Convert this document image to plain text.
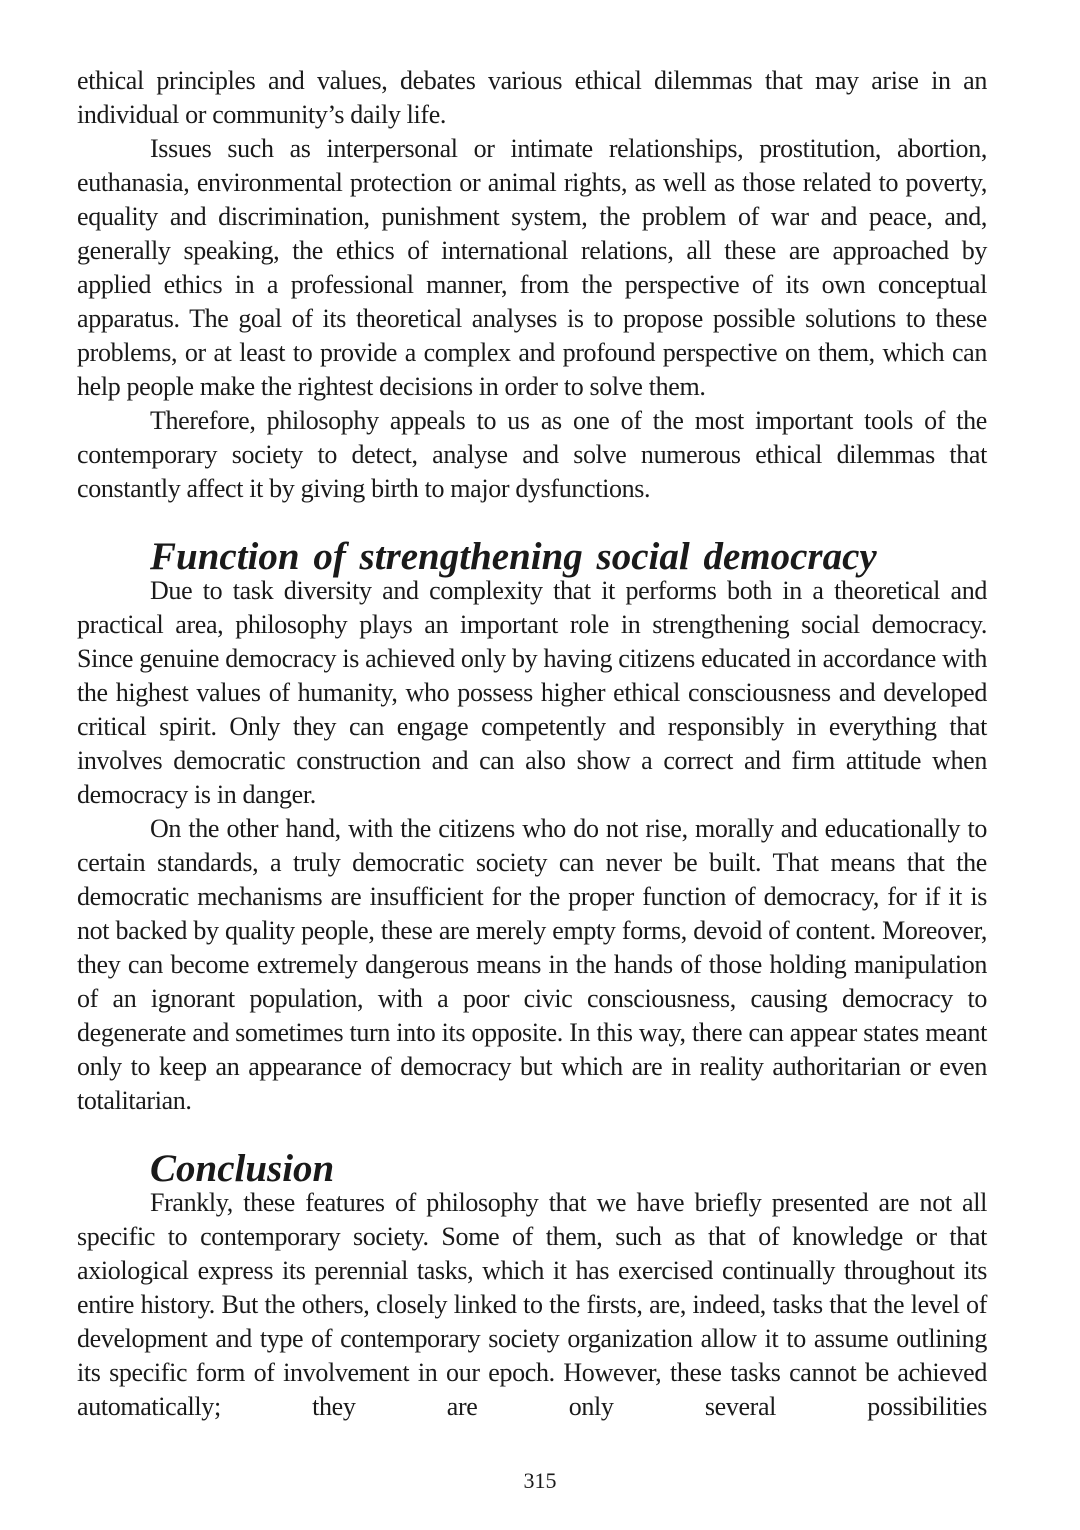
ethical principles and values, debates various ethical dilemmas that may arise in an individual or community’s daily life.

Issues such as interpersonal or intimate relationships, prostitution, abortion, euthanasia, environmental protection or animal rights, as well as those related to poverty, equality and discrimination, punishment system, the problem of war and peace, and, generally speaking, the ethics of international relations, all these are approached by applied ethics in a professional manner, from the perspective of its own conceptual apparatus. The goal of its theoretical analyses is to propose possible solutions to these problems, or at least to provide a complex and profound perspective on them, which can help people make the rightest decisions in order to solve them.

Therefore, philosophy appeals to us as one of the most important tools of the contemporary society to detect, analyse and solve numerous ethical dilemmas that constantly affect it by giving birth to major dysfunctions.

Function of strengthening social democracy

Due to task diversity and complexity that it performs both in a theoretical and practical area, philosophy plays an important role in strengthening social democracy. Since genuine democracy is achieved only by having citizens educated in accordance with the highest values of humanity, who possess higher ethical consciousness and developed critical spirit. Only they can engage competently and responsibly in everything that involves democratic construction and can also show a correct and firm attitude when democracy is in danger.

On the other hand, with the citizens who do not rise, morally and educationally to certain standards, a truly democratic society can never be built. That means that the democratic mechanisms are insufficient for the proper function of democracy, for if it is not backed by quality people, these are merely empty forms, devoid of content. Moreover, they can become extremely dangerous means in the hands of those holding manipulation of an ignorant population, with a poor civic consciousness, causing democracy to degenerate and sometimes turn into its opposite. In this way, there can appear states meant only to keep an appearance of democracy but which are in reality authoritarian or even totalitarian.

Conclusion

Frankly, these features of philosophy that we have briefly presented are not all specific to contemporary society. Some of them, such as that of knowledge or that axiological express its perennial tasks, which it has exercised continually throughout its entire history. But the others, closely linked to the firsts, are, indeed, tasks that the level of development and type of contemporary society organization allow it to assume outlining its specific form of involvement in our epoch. However, these tasks cannot be achieved automatically; they are only several possibilities

315
